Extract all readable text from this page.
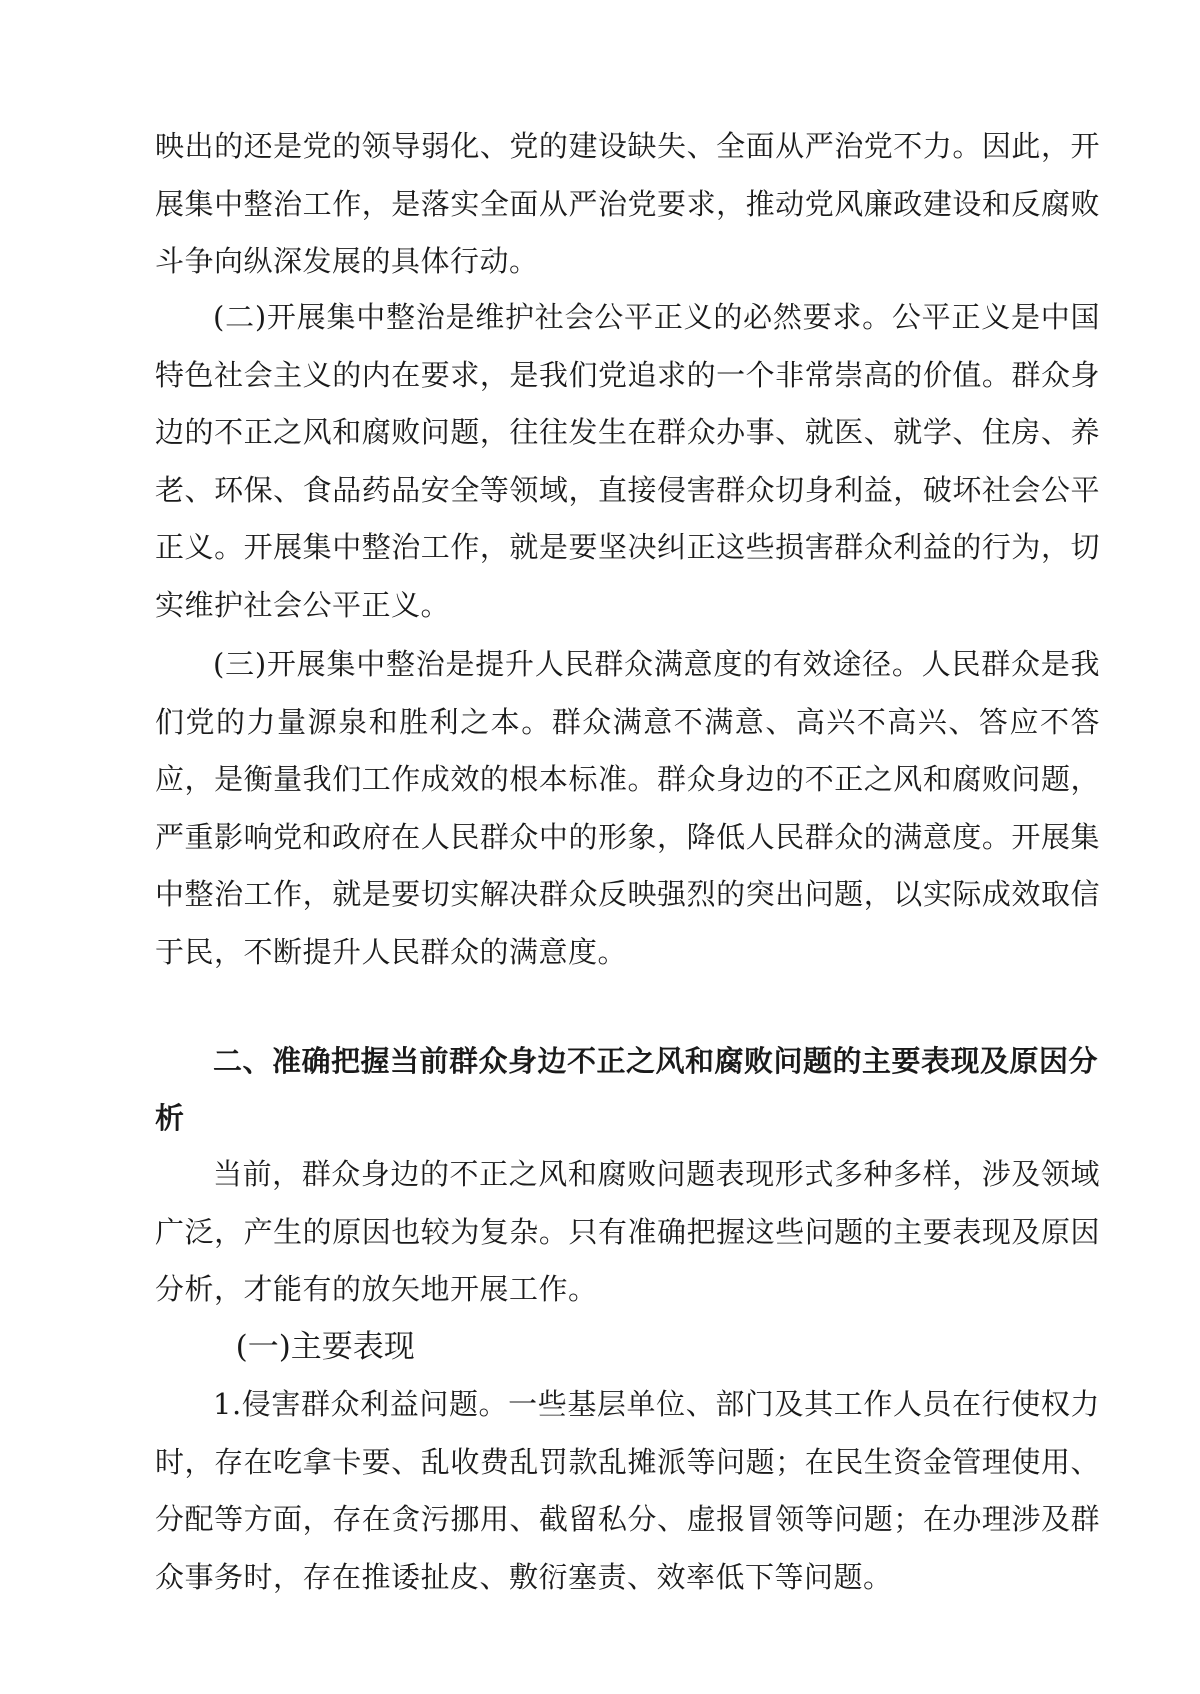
映出的还是党的领导弱化、党的建设缺失、全面从严治党不力。因此，开展集中整治工作，是落实全面从严治党要求，推动党风廉政建设和反腐败斗争向纵深发展的具体行动。

(二)开展集中整治是维护社会公平正义的必然要求。公平正义是中国特色社会主义的内在要求，是我们党追求的一个非常崇高的价值。群众身边的不正之风和腐败问题，往往发生在群众办事、就医、就学、住房、养老、环保、食品药品安全等领域，直接侵害群众切身利益，破坏社会公平正义。开展集中整治工作，就是要坚决纠正这些损害群众利益的行为，切实维护社会公平正义。

(三)开展集中整治是提升人民群众满意度的有效途径。人民群众是我们党的力量源泉和胜利之本。群众满意不满意、高兴不高兴、答应不答应，是衡量我们工作成效的根本标准。群众身边的不正之风和腐败问题，严重影响党和政府在人民群众中的形象，降低人民群众的满意度。开展集中整治工作，就是要切实解决群众反映强烈的突出问题，以实际成效取信于民，不断提升人民群众的满意度。

二、准确把握当前群众身边不正之风和腐败问题的主要表现及原因分析

当前，群众身边的不正之风和腐败问题表现形式多种多样，涉及领域广泛，产生的原因也较为复杂。只有准确把握这些问题的主要表现及原因分析，才能有的放矢地开展工作。

(一)主要表现

1.侵害群众利益问题。一些基层单位、部门及其工作人员在行使权力时，存在吃拿卡要、乱收费乱罚款乱摊派等问题；在民生资金管理使用、分配等方面，存在贪污挪用、截留私分、虚报冒领等问题；在办理涉及群众事务时，存在推诿扯皮、敷衍塞责、效率低下等问题。
